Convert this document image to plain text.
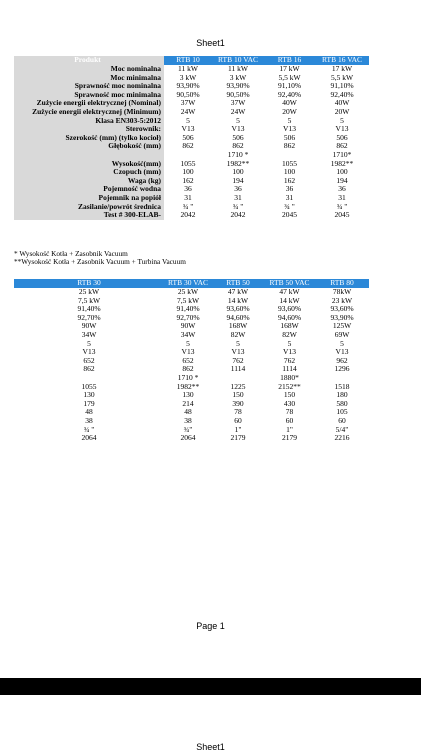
Sheet1
Produkt	RTB 10	RTB 10 VAC	RTB 16	RTB 16 VAC
Moc nominalna	11 kW	11 kW	17 kW	17 kW
Moc minimalna	3 kW	3 kW	5,5 kW	5,5 kW
Sprawność moc nominalna	93,90%	93,90%	91,10%	91,10%
Sprawność moc minimalna	90,50%	90,50%	92,40%	92,40%
Zużycie energii elektrycznej (Nominal)	37W	37W	40W	40W
Zużycie energii elektrycznej (Minimum)	24W	24W	20W	20W
Klasa EN303-5:2012	5	5	5	5
Sterownik:	V13	V13	V13	V13
Szerokość (mm) (tylko kocioł)	506	506	506	506
Głębokość (mm)	862	862	862	862
		1710 *		1710*
Wysokość(mm)	1055	1982**	1055	1982**
Czopuch (mm)	100	100	100	100
Waga (kg)	162	194	162	194
Pojemność wodna	36	36	36	36
Pojemnik na popiół	31	31	31	31
Zasilanie/powrót średnica	¾ "	¾ "	¾ "	¾ "
Test # 300-ELAB-	2042	2042	2045	2045
* Wysokość Kotła + Zasobnik Vacuum
**Wysokość Kotła + Zasobnik Vacuum + Turbina Vacuum
RTB 30	RTB 30 VAC	RTB 50	RTB 50 VAC	RTB 80
25 kW	25 kW	47 kW	47 kW	78kW
7,5 kW	7,5 kW	14 kW	14 kW	23 kW
91,40%	91,40%	93,60%	93,60%	93,60%
92,70%	92,70%	94,60%	94,60%	93,90%
90W	90W	168W	168W	125W
34W	34W	82W	82W	69W
5	5	5	5	5
V13	V13	V13	V13	V13
652	652	762	762	962
862	862	1114	1114	1296
	1710 *		1880*	
1055	1982**	1225	2152**	1518
130	130	150	150	180
179	214	390	430	580
48	48	78	78	105
38	38	60	60	60
¾ "	¾"	1"	1"	5/4"
2064	2064	2179	2179	2216
Page 1
Sheet1
